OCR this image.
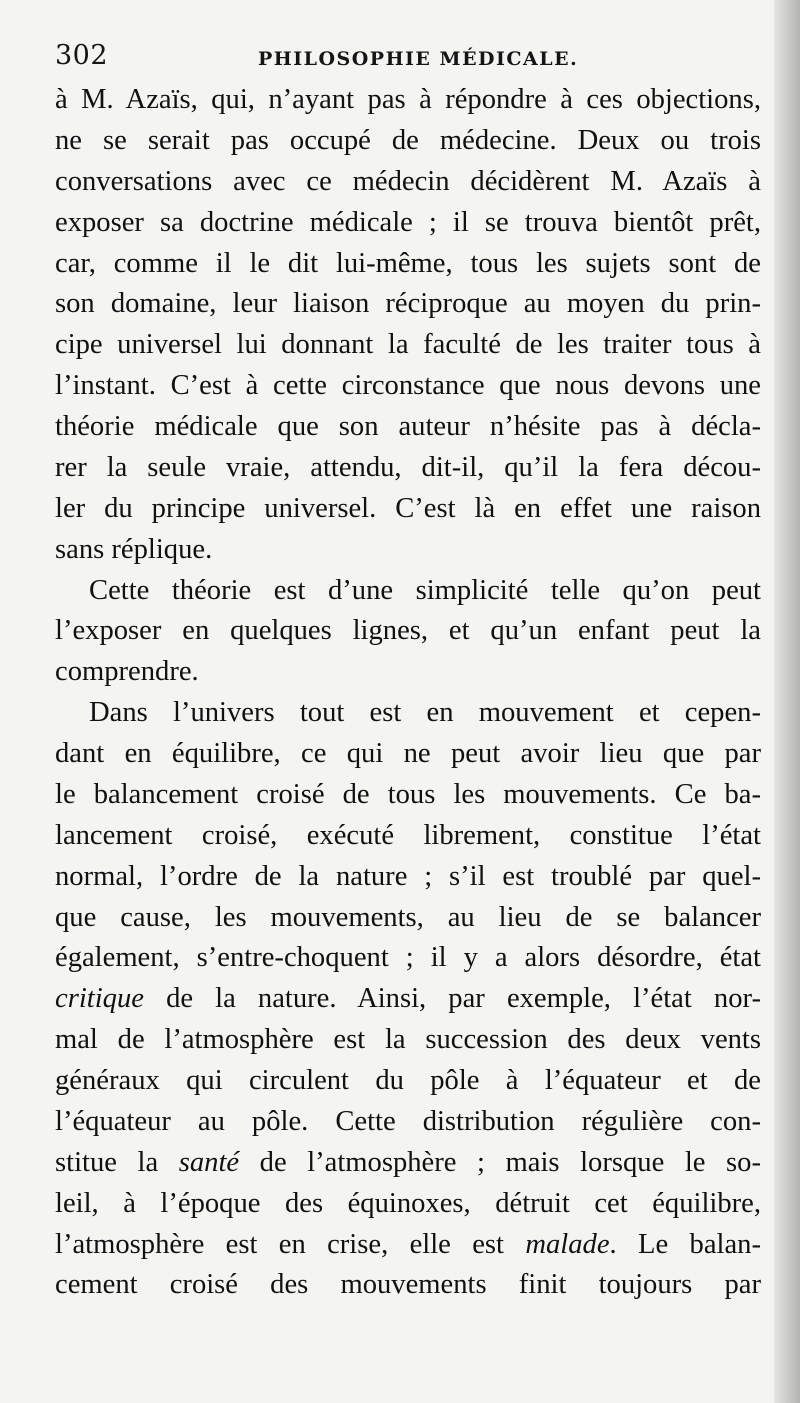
302	PHILOSOPHIE MÉDICALE.
à M. Azaïs, qui, n’ayant pas à répondre à ces objections,
ne se serait pas occupé de médecine. Deux ou trois
conversations avec ce médecin décidèrent M. Azaïs à
exposer sa doctrine médicale ; il se trouva bientôt prêt,
car, comme il le dit lui-même, tous les sujets sont de
son domaine, leur liaison réciproque au moyen du prin-
cipe universel lui donnant la faculté de les traiter tous à
l’instant. C’est à cette circonstance que nous devons une
théorie médicale que son auteur n’hésite pas à décla-
rer la seule vraie, attendu, dit-il, qu’il la fera décou-
ler du principe universel. C’est là en effet une raison
sans réplique.
Cette théorie est d’une simplicité telle qu’on peut
l’exposer en quelques lignes, et qu’un enfant peut la
comprendre.
Dans l’univers tout est en mouvement et cepen-
dant en équilibre, ce qui ne peut avoir lieu que par
le balancement croisé de tous les mouvements. Ce ba-
lancement croisé, exécuté librement, constitue l’état
normal, l’ordre de la nature ; s’il est troublé par quel-
que cause, les mouvements, au lieu de se balancer
également, s’entre-choquent ; il y a alors désordre, état
critique de la nature. Ainsi, par exemple, l’état nor-
mal de l’atmosphère est la succession des deux vents
généraux qui circulent du pôle à l’équateur et de
l’équateur au pôle. Cette distribution régulière con-
stitue la santé de l’atmosphère ; mais lorsque le so-
leil, à l’époque des équinoxes, détruit cet équilibre,
l’atmosphère est en crise, elle est malade. Le balan-
cement croisé des mouvements finit toujours par
